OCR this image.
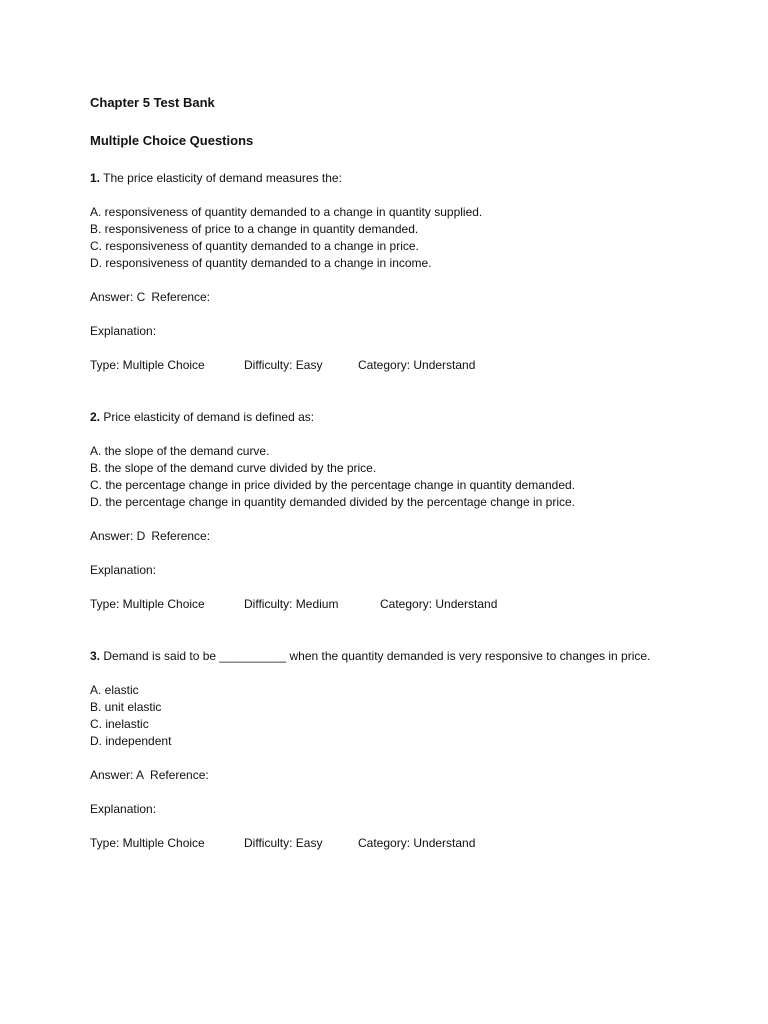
Chapter 5 Test Bank
Multiple Choice Questions
1. The price elasticity of demand measures the:
A. responsiveness of quantity demanded to a change in quantity supplied.
B. responsiveness of price to a change in quantity demanded.
C. responsiveness of quantity demanded to a change in price.
D. responsiveness of quantity demanded to a change in income.
Answer: C Reference:
Explanation:
Type: Multiple Choice	Difficulty: Easy	Category: Understand
2. Price elasticity of demand is defined as:
A. the slope of the demand curve.
B. the slope of the demand curve divided by the price.
C. the percentage change in price divided by the percentage change in quantity demanded.
D. the percentage change in quantity demanded divided by the percentage change in price.
Answer: D Reference:
Explanation:
Type: Multiple Choice	Difficulty: Medium	Category: Understand
3. Demand is said to be __________ when the quantity demanded is very responsive to changes in price.
A. elastic
B. unit elastic
C. inelastic
D. independent
Answer: A Reference:
Explanation:
Type: Multiple Choice	Difficulty: Easy	Category: Understand
